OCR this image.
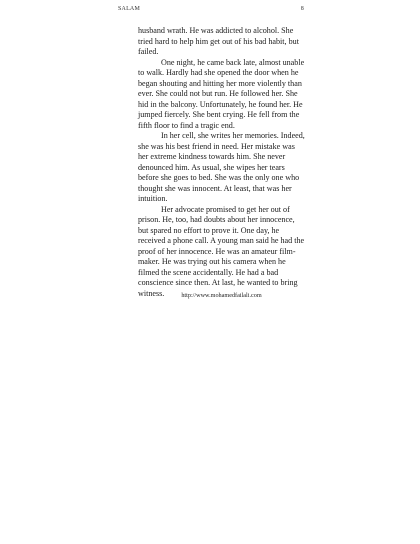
SALAM	8

husband wrath. He was addicted to alcohol. She tried hard to help him get out of his bad habit, but failed.

One night, he came back late, almost unable to walk. Hardly had she opened the door when he began shouting and hitting her more violently than ever. She could not but run. He followed her. She hid in the balcony. Unfortunately, he found her. He jumped fiercely. She bent crying. He fell from the fifth floor to find a tragic end.

In her cell, she writes her memories. Indeed, she was his best friend in need. Her mistake was her extreme kindness towards him. She never denounced him. As usual, she wipes her tears before she goes to bed. She was the only one who thought she was innocent. At least, that was her intuition.

Her advocate promised to get her out of prison. He, too, had doubts about her innocence, but spared no effort to prove it. One day, he received a phone call. A young man said he had the proof of her innocence. He was an amateur film-maker. He was trying out his camera when he filmed the scene accidentally. He had a bad conscience since then. At last, he wanted to bring witness.	http://www.mohamedfailali.com
